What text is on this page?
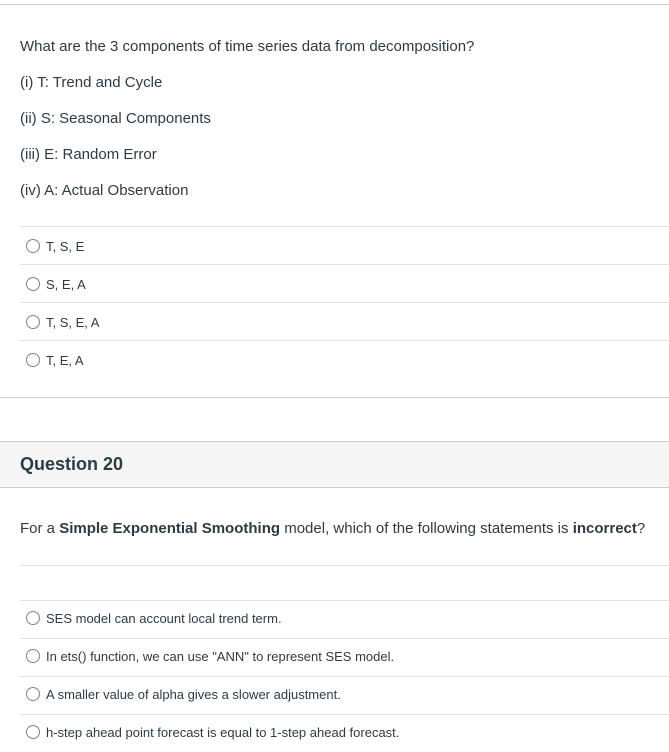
What are the 3 components of time series data from decomposition?
(i) T: Trend and Cycle
(ii) S: Seasonal Components
(iii) E: Random Error
(iv) A: Actual Observation
T, S, E
S, E, A
T, S, E, A
T, E, A
Question 20
For a Simple Exponential Smoothing model, which of the following statements is incorrect?
SES model can account local trend term.
In ets() function, we can use "ANN" to represent SES model.
A smaller value of alpha gives a slower adjustment.
h-step ahead point forecast is equal to 1-step ahead forecast.
